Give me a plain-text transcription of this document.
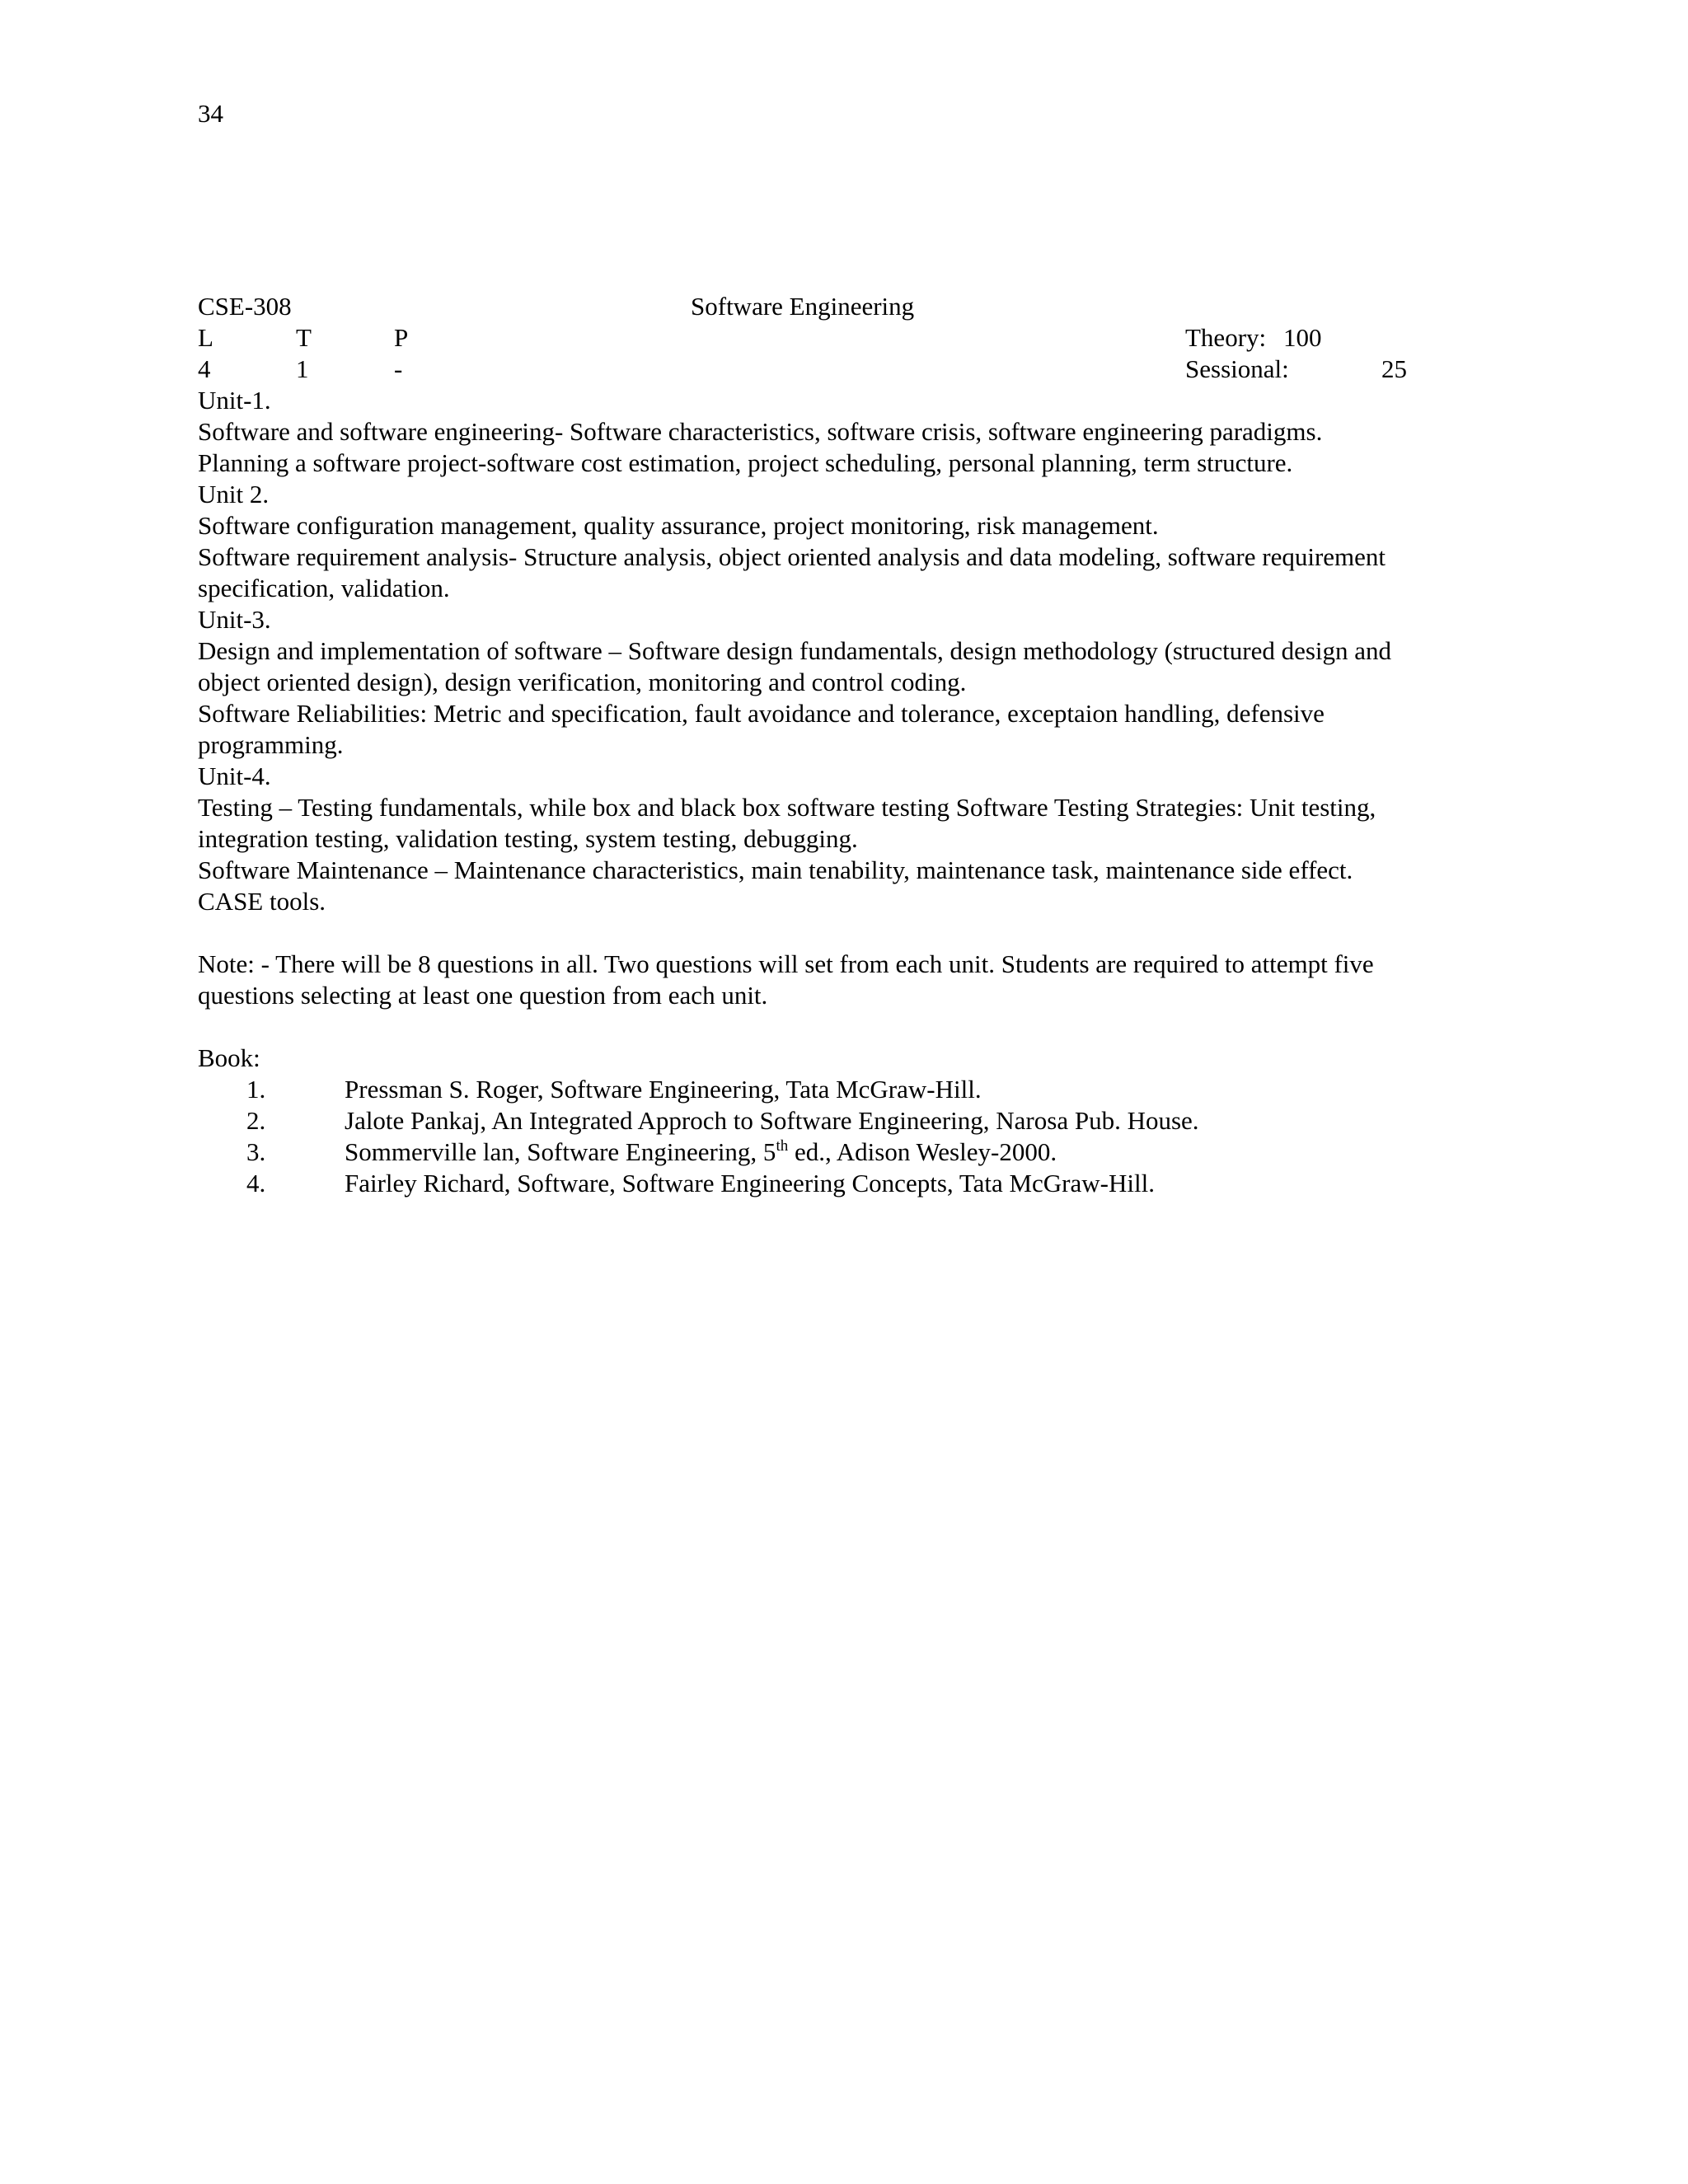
34
CSE-308	Software Engineering
L	T	P	Theory: 100
4	1	-	Sessional:	25
Unit-1.
Software and software engineering- Software characteristics, software crisis, software engineering paradigms.
Planning a software project-software cost estimation, project scheduling, personal planning, term structure.
Unit 2.
Software configuration management, quality assurance, project monitoring, risk management.
Software requirement analysis- Structure analysis, object oriented analysis and data modeling, software requirement
specification, validation.
Unit-3.
Design and implementation of software – Software design fundamentals, design methodology (structured design and
object oriented design), design verification, monitoring and control coding.
Software Reliabilities: Metric and specification, fault avoidance and tolerance, exceptaion handling, defensive
programming.
Unit-4.
Testing – Testing fundamentals, while box and black box software testing Software Testing Strategies: Unit testing,
integration testing, validation testing, system testing, debugging.
Software Maintenance – Maintenance characteristics, main tenability, maintenance task, maintenance side effect.
CASE tools.
Note: - There will be 8 questions in all. Two questions will set from each unit. Students are required to attempt five
questions selecting at least one question from each unit.
Book:
1.	Pressman S. Roger, Software Engineering, Tata McGraw-Hill.
2.	Jalote Pankaj, An Integrated Approch to Software Engineering, Narosa Pub. House.
3.	Sommerville lan, Software Engineering, 5th ed., Adison Wesley-2000.
4.	Fairley Richard, Software, Software Engineering Concepts, Tata McGraw-Hill.
